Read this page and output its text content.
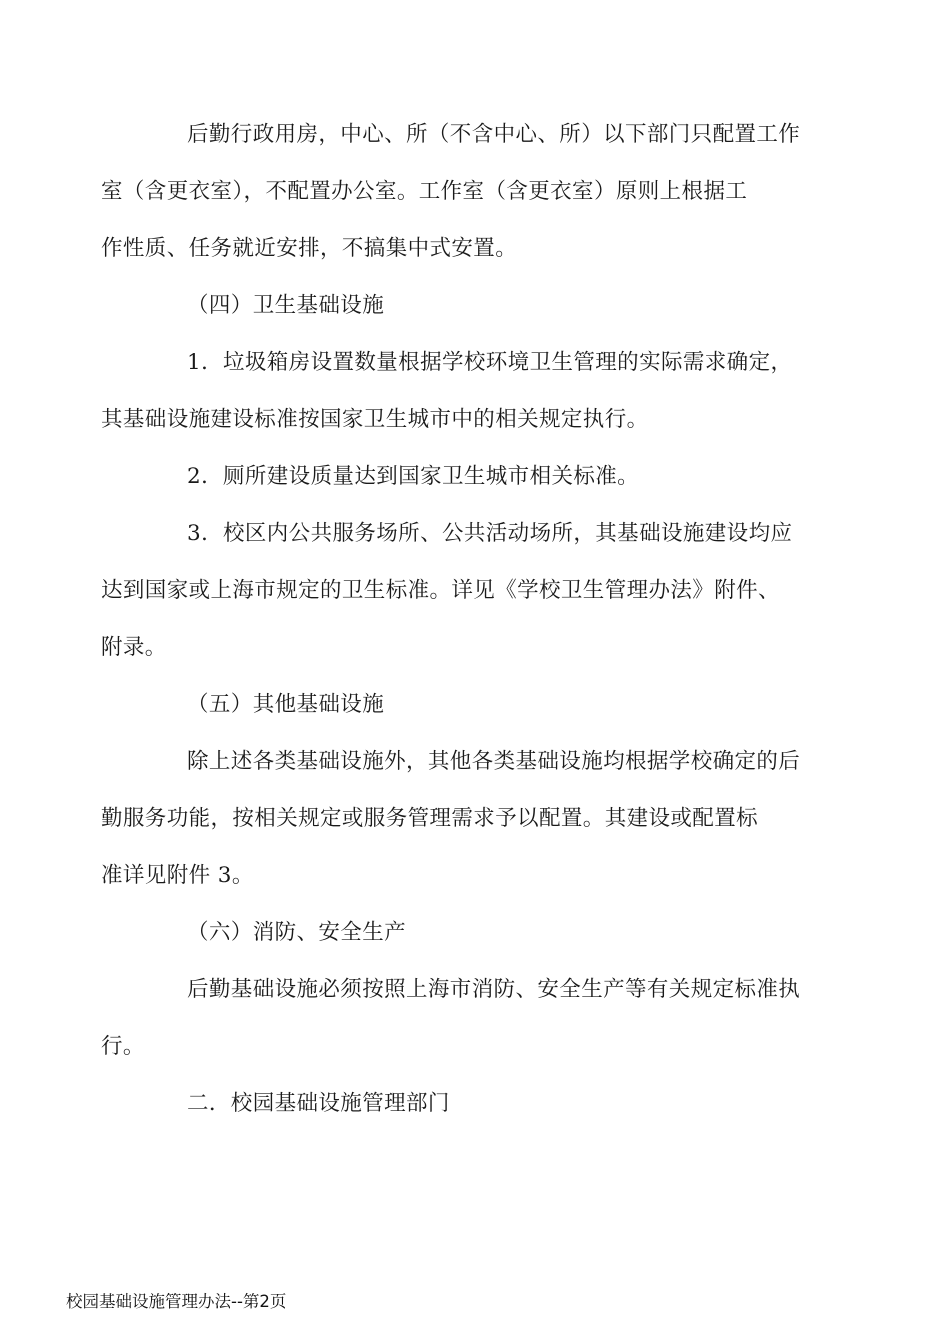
后勤行政用房，中心、所（不含中心、所）以下部门只配置工作
室（含更衣室），不配置办公室。工作室（含更衣室）原则上根据工
作性质、任务就近安排，不搞集中式安置。

（四）卫生基础设施

1．垃圾箱房设置数量根据学校环境卫生管理的实际需求确定，
其基础设施建设标准按国家卫生城市中的相关规定执行。

2．厕所建设质量达到国家卫生城市相关标准。

3．校区内公共服务场所、公共活动场所，其基础设施建设均应
达到国家或上海市规定的卫生标准。详见《学校卫生管理办法》附件、
附录。

（五）其他基础设施

除上述各类基础设施外，其他各类基础设施均根据学校确定的后
勤服务功能，按相关规定或服务管理需求予以配置。其建设或配置标
准详见附件 3。

（六）消防、安全生产

后勤基础设施必须按照上海市消防、安全生产等有关规定标准执
行。

二．校园基础设施管理部门

校园基础设施管理办法--第2页
